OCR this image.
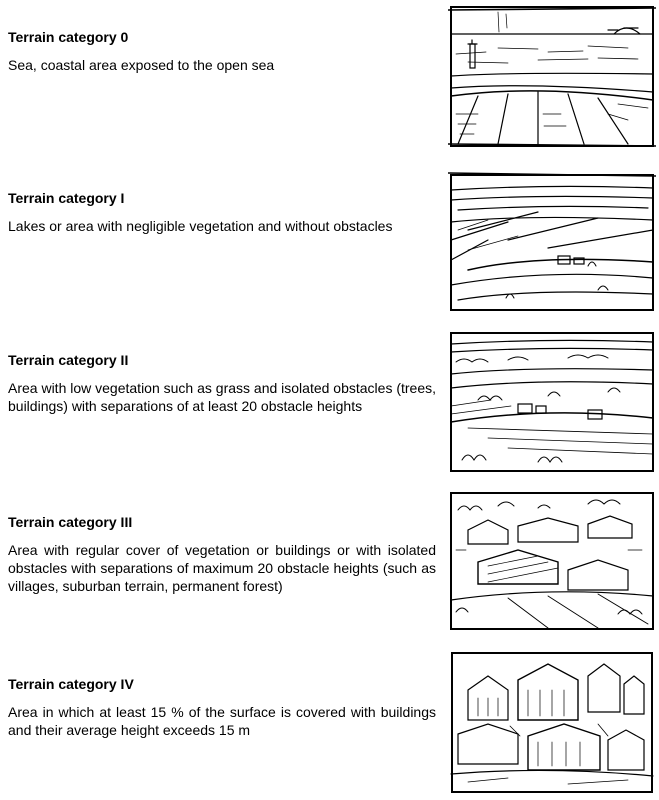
Terrain category 0

Sea, coastal area exposed to the open sea

Terrain category I

Lakes or area with negligible vegetation and without obstacles

Terrain category II

Area with low vegetation such as grass and isolated obstacles (trees, buildings) with separations of at least 20 obstacle heights

Terrain category III

Area with regular cover of vegetation or buildings or with isolated obstacles with separations of maximum 20 obstacle heights (such as villages, suburban terrain, permanent forest)

Terrain category IV

Area in which at least 15 % of the surface is covered with buildings and their average height exceeds 15 m
